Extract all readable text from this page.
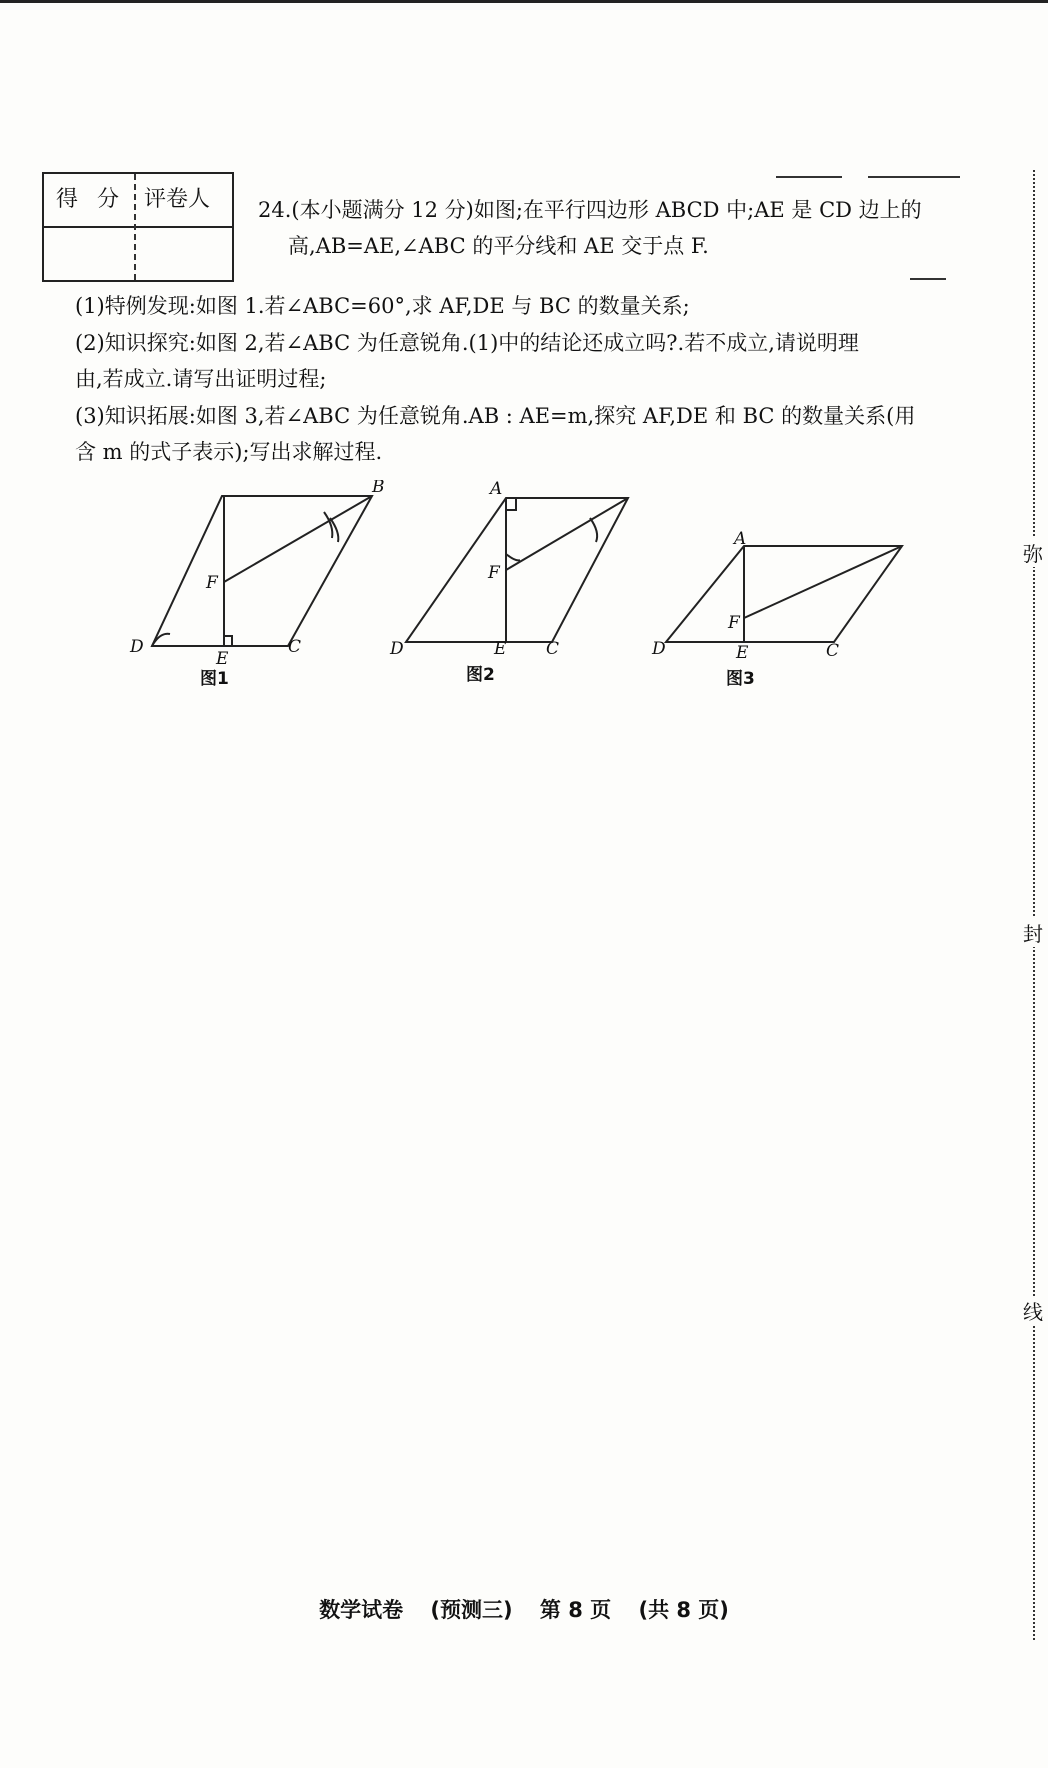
得 分 评卷人 24.(本小题满分 12 分)如图;在平行四边形 ABCD 中;AE 是 CD 边上的
高,AB=AE,∠ABC 的平分线和 AE 交于点 F.
(1)特例发现:如图 1.若∠ABC=60°,求 AF,DE 与 BC 的数量关系;
(2)知识探究:如图 2,若∠ABC 为任意锐角.(1)中的结论还成立吗?.若不成立,请说明理
由,若成立.请写出证明过程;
(3)知识拓展:如图 3,若∠ABC 为任意锐角.AB : AE=m,探究 AF,DE 和 BC 的数量关系(用
含 m 的式子表示);写出求解过程.
B
F
D
E
C
A
F
D	E C
A
F
D	E	C
图1	图2	图3
数学试卷 (预测三) 第 8 页 (共 8 页)
弥
封
线
